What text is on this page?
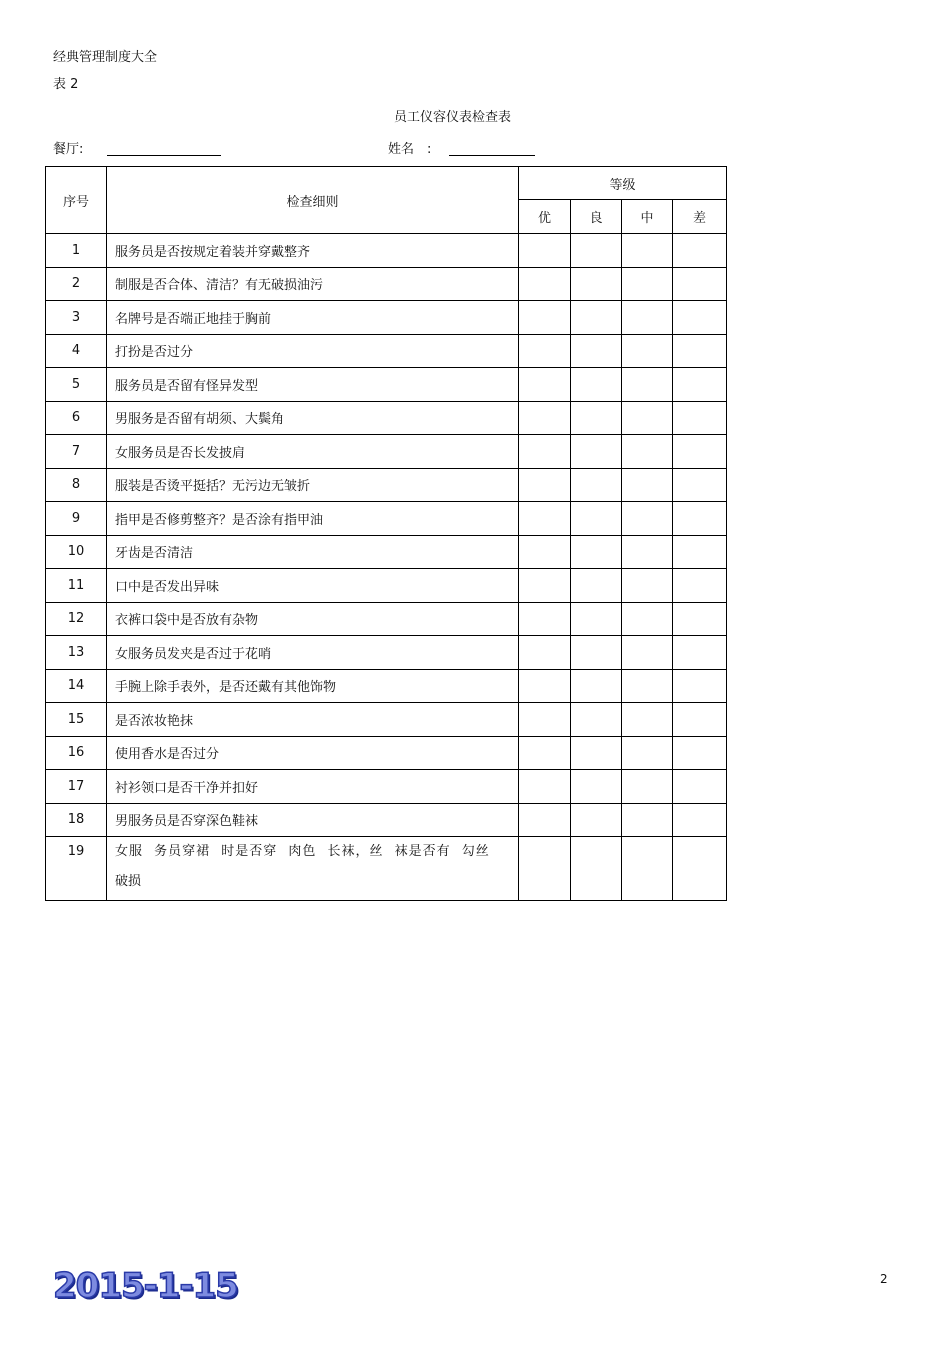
经典管理制度大全
表 2
员工仪容仪表检查表
餐厅:	姓名　:
序号	检查细则	等级			
		优	良	中	差
1	服务员是否按规定着装并穿戴整齐				
2	制服是否合体、清洁？有无破损油污				
3	名牌号是否端正地挂于胸前				
4	打扮是否过分				
5	服务员是否留有怪异发型				
6	男服务是否留有胡须、大鬓角				
7	女服务员是否长发披肩				
8	服装是否烫平挺括？无污边无皱折				
9	指甲是否修剪整齐？是否涂有指甲油				
10	牙齿是否清洁				
11	口中是否发出异味				
12	衣裤口袋中是否放有杂物				
13	女服务员发夹是否过于花哨				
14	手腕上除手表外，是否还戴有其他饰物				
15	是否浓妆艳抹				
16	使用香水是否过分				
17	衬衫领口是否干净并扣好				
18	男服务员是否穿深色鞋袜				
19	女服 务员穿裙 时是否穿 肉色 长袜，丝 袜是否有 勾丝
破损				

2015-1-15	2
